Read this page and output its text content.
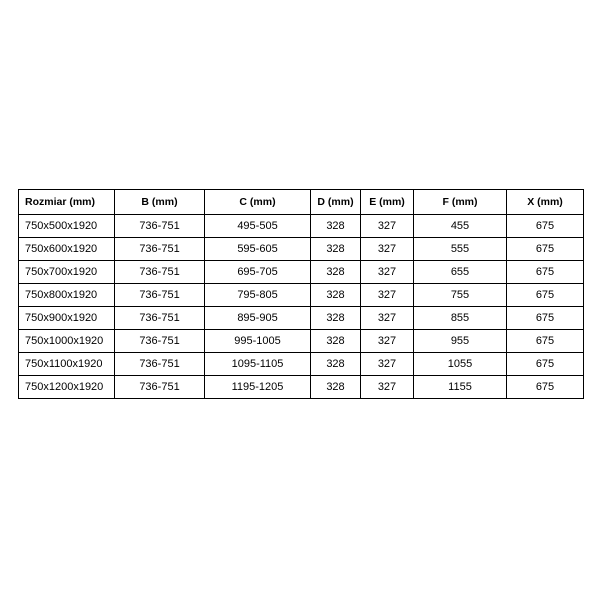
Rozmiar (mm)	B (mm)	C (mm)	D (mm)	E (mm)	F (mm)	X (mm)
750x500x1920	736-751	495-505	328	327	455	675
750x600x1920	736-751	595-605	328	327	555	675
750x700x1920	736-751	695-705	328	327	655	675
750x800x1920	736-751	795-805	328	327	755	675
750x900x1920	736-751	895-905	328	327	855	675
750x1000x1920	736-751	995-1005	328	327	955	675
750x1100x1920	736-751	1095-1105	328	327	1055	675
750x1200x1920	736-751	1195-1205	328	327	1155	675
